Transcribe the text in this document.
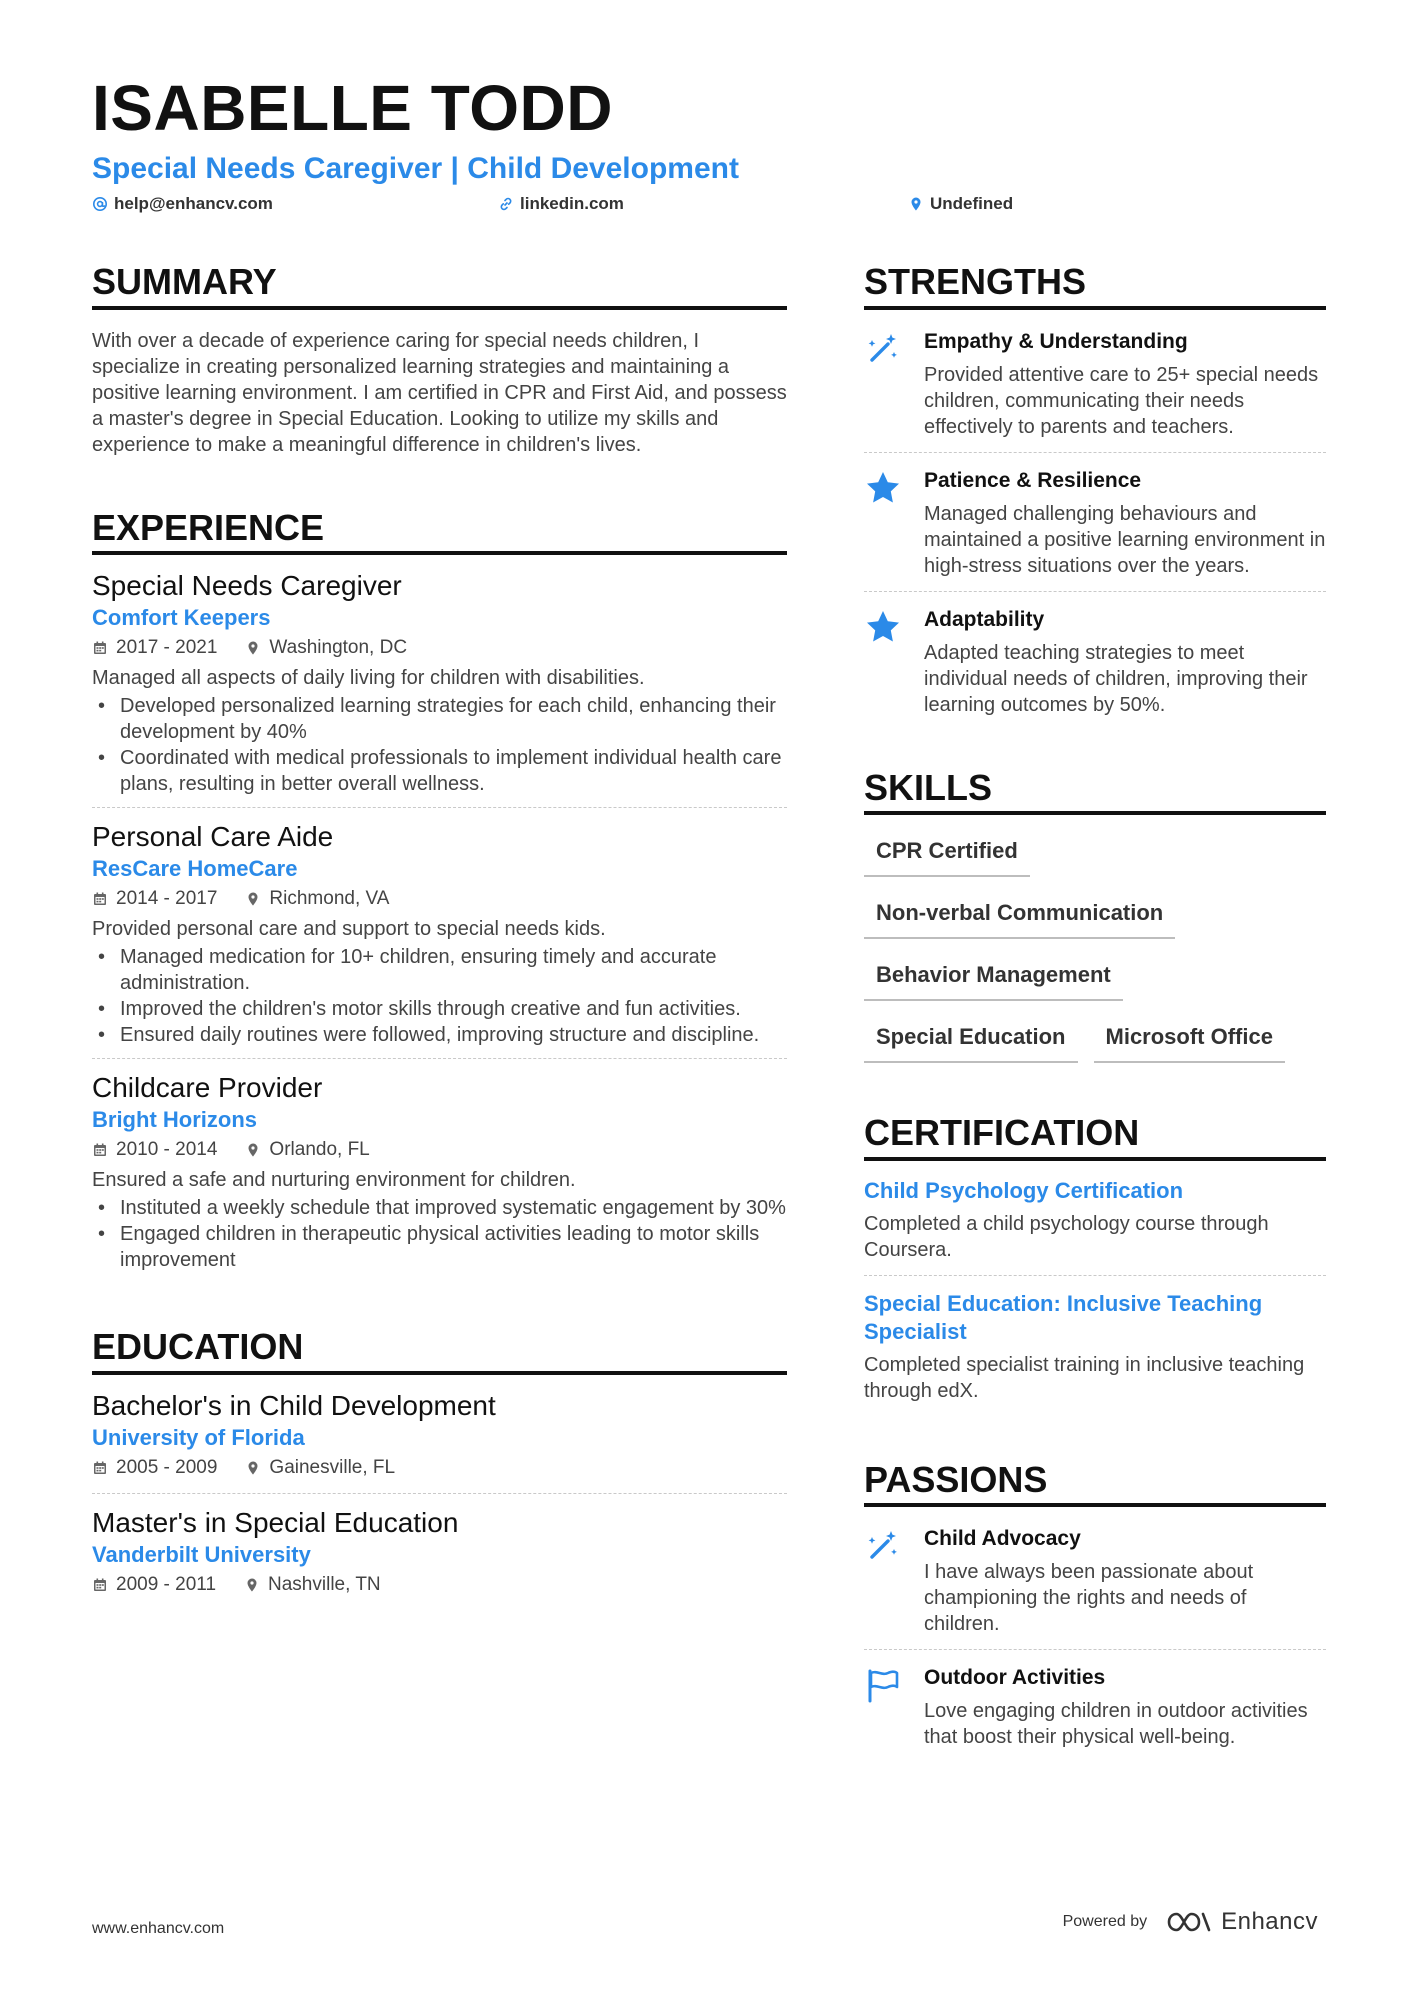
ISABELLE TODD
Special Needs Caregiver | Child Development
help@enhancv.com	linkedin.com	Undefined
SUMMARY

With over a decade of experience caring for special needs children, I specialize in creating personalized learning strategies and maintaining a positive learning environment. I am certified in CPR and First Aid, and possess a master's degree in Special Education. Looking to utilize my skills and experience to make a meaningful difference in children's lives.

EXPERIENCE
Special Needs Caregiver
Comfort Keepers
2017 - 2021	Washington, DC
Managed all aspects of daily living for children with disabilities.
• Developed personalized learning strategies for each child, enhancing their development by 40%
• Coordinated with medical professionals to implement individual health care plans, resulting in better overall wellness.
Personal Care Aide
ResCare HomeCare
2014 - 2017	Richmond, VA
Provided personal care and support to special needs kids.
• Managed medication for 10+ children, ensuring timely and accurate administration.
• Improved the children's motor skills through creative and fun activities.
• Ensured daily routines were followed, improving structure and discipline.
Childcare Provider
Bright Horizons
2010 - 2014	Orlando, FL
Ensured a safe and nurturing environment for children.
• Instituted a weekly schedule that improved systematic engagement by 30%
• Engaged children in therapeutic physical activities leading to motor skills improvement
EDUCATION
Bachelor's in Child Development
University of Florida
2005 - 2009	Gainesville, FL
Master's in Special Education
Vanderbilt University
2009 - 2011	Nashville, TN
STRENGTHS
Empathy & Understanding
Provided attentive care to 25+ special needs children, communicating their needs effectively to parents and teachers.
Patience & Resilience
Managed challenging behaviours and maintained a positive learning environment in high-stress situations over the years.
Adaptability
Adapted teaching strategies to meet individual needs of children, improving their learning outcomes by 50%.
SKILLS
CPR Certified
Non-verbal Communication
Behavior Management
Special Education	Microsoft Office
CERTIFICATION
Child Psychology Certification
Completed a child psychology course through Coursera.
Special Education: Inclusive Teaching Specialist
Completed specialist training in inclusive teaching through edX.
PASSIONS
Child Advocacy
I have always been passionate about championing the rights and needs of children.
Outdoor Activities
Love engaging children in outdoor activities that boost their physical well-being.
www.enhancv.com	Powered by	Enhancv
